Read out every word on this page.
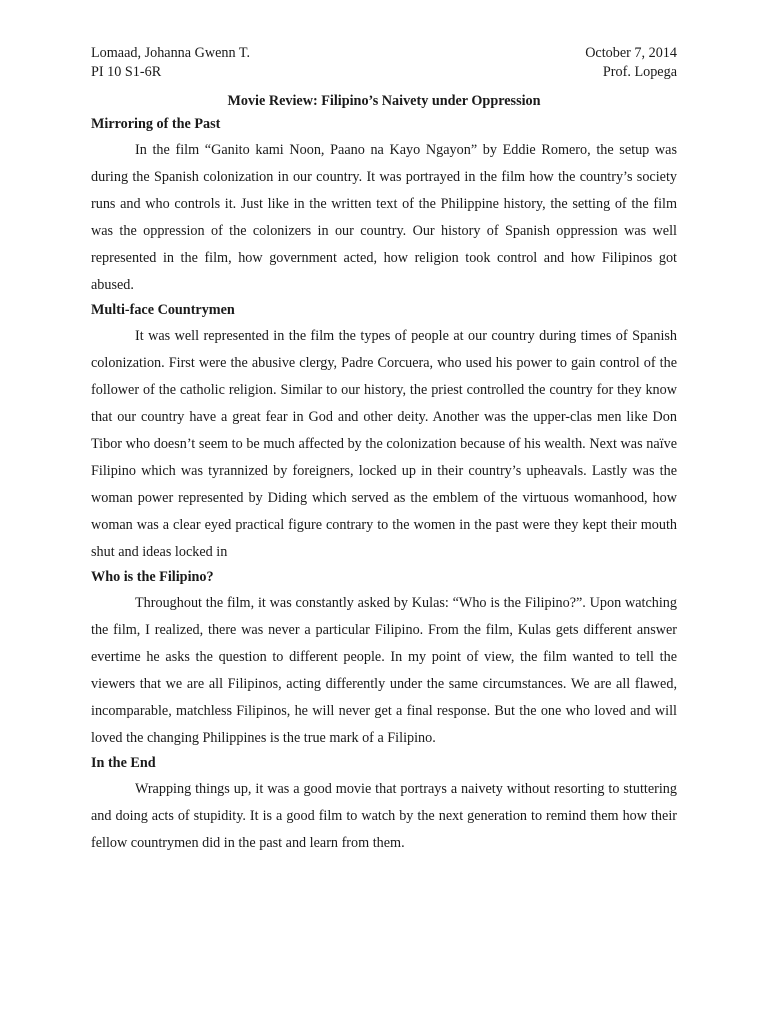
Lomaad, Johanna Gwenn T.	October 7, 2014
PI 10 S1-6R	Prof. Lopega
Movie Review: Filipino’s Naivety under Oppression
Mirroring of the Past

In the film “Ganito kami Noon, Paano na Kayo Ngayon” by Eddie Romero, the setup was during the Spanish colonization in our country. It was portrayed in the film how the country’s society runs and who controls it. Just like in the written text of the Philippine history, the setting of the film was the oppression of the colonizers in our country. Our history of Spanish oppression was well represented in the film, how government acted, how religion took control and how Filipinos got abused.

Multi-face Countrymen

It was well represented in the film the types of people at our country during times of Spanish colonization. First were the abusive clergy, Padre Corcuera, who used his power to gain control of the follower of the catholic religion. Similar to our history, the priest controlled the country for they know that our country have a great fear in God and other deity. Another was the upper-clas men like Don Tibor who doesn’t seem to be much affected by the colonization because of his wealth. Next was naïve Filipino which was tyrannized by foreigners, locked up in their country’s upheavals. Lastly was the woman power represented by Diding which served as the emblem of the virtuous womanhood, how woman was a clear eyed practical figure contrary to the women in the past were they kept their mouth shut and ideas locked in

Who is the Filipino?

Throughout the film, it was constantly asked by Kulas: “Who is the Filipino?”. Upon watching the film, I realized, there was never a particular Filipino. From the film, Kulas gets different answer evertime he asks the question to different people. In my point of view, the film wanted to tell the viewers that we are all Filipinos, acting differently under the same circumstances. We are all flawed, incomparable, matchless Filipinos, he will never get a final response. But the one who loved and will loved the changing Philippines is the true mark of a Filipino.

In the End

Wrapping things up, it was a good movie that portrays a naivety without resorting to stuttering and doing acts of stupidity. It is a good film to watch by the next generation to remind them how their fellow countrymen did in the past and learn from them.
